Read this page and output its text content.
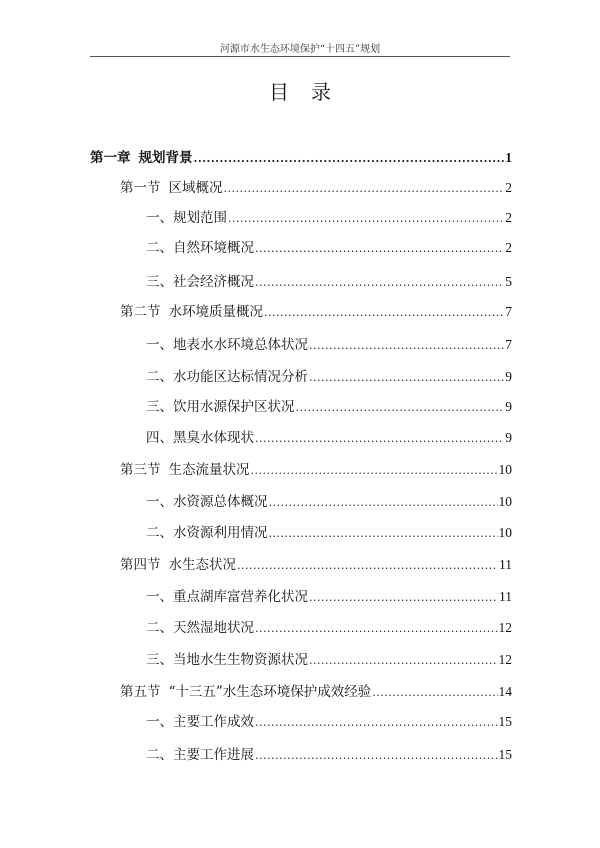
河源市水生态环境保护“十四五”规划
目录
第一章 规划背景 .....	1
第一节 区域概况 .....	2
一、规划范围 .....	2
二、自然环境概况 .....	2
三、社会经济概况 .....	5
第二节 水环境质量概况 .....	7
一、地表水水环境总体状况 .....	7
二、水功能区达标情况分析 .....	9
三、饮用水源保护区状况 .....	9
四、黑臭水体现状 .....	9
第三节 生态流量状况 .....	10
一、水资源总体概况 .....	10
二、水资源利用情况 .....	10
第四节 水生态状况 .....	11
一、重点湖库富营养化状况 .....	11
二、天然湿地状况 .....	12
三、当地水生生物资源状况 .....	12
第五节 “十三五”水生态环境保护成效经验 .....	14
一、主要工作成效 .....	15
二、主要工作进展 .....	15
